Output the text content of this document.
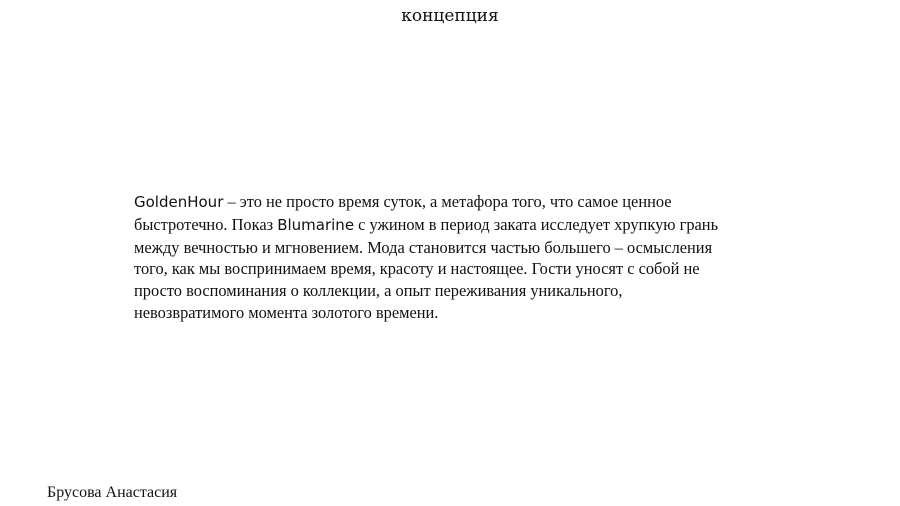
концепция
GoldenHour – это не просто время суток, а метафора того, что самое ценное быстротечно. Показ Blumarine с ужином в период заката исследует хрупкую грань между вечностью и мгновением. Мода становится частью большего – осмысления того, как мы воспринимаем время, красоту и настоящее. Гости уносят с собой не просто воспоминания о коллекции, а опыт переживания уникального, невозвратимого момента золотого времени.
Брусова Анастасия
